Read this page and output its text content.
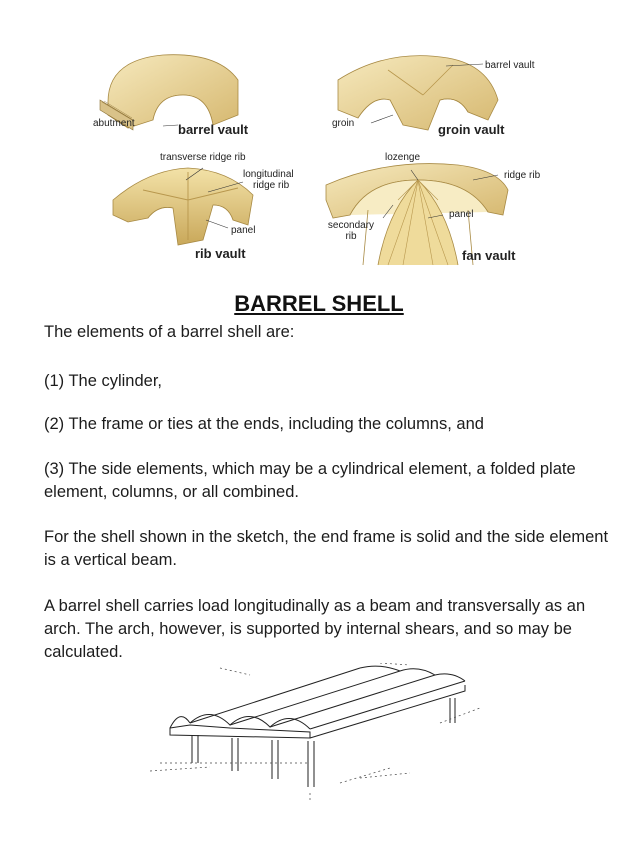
barrel vault
abutment	barrel vault	groin	groin vault
transverse ridge rib
longitudinal
ridge rib
lozenge
ridge rib
panel
panel
secondary
rib
rib vault	fan vault
BARREL SHELL

The elements of a barrel shell are:

(1) The cylinder,

(2) The frame or ties at the ends, including the columns, and

(3) The side elements, which may be a cylindrical element, a folded plate element, columns, or all combined.

For the shell shown in the sketch, the end frame is solid and the side element is a vertical beam.

A barrel shell carries load longitudinally as a beam and transversally as an arch. The arch, however, is supported by internal shears, and so may be calculated.
